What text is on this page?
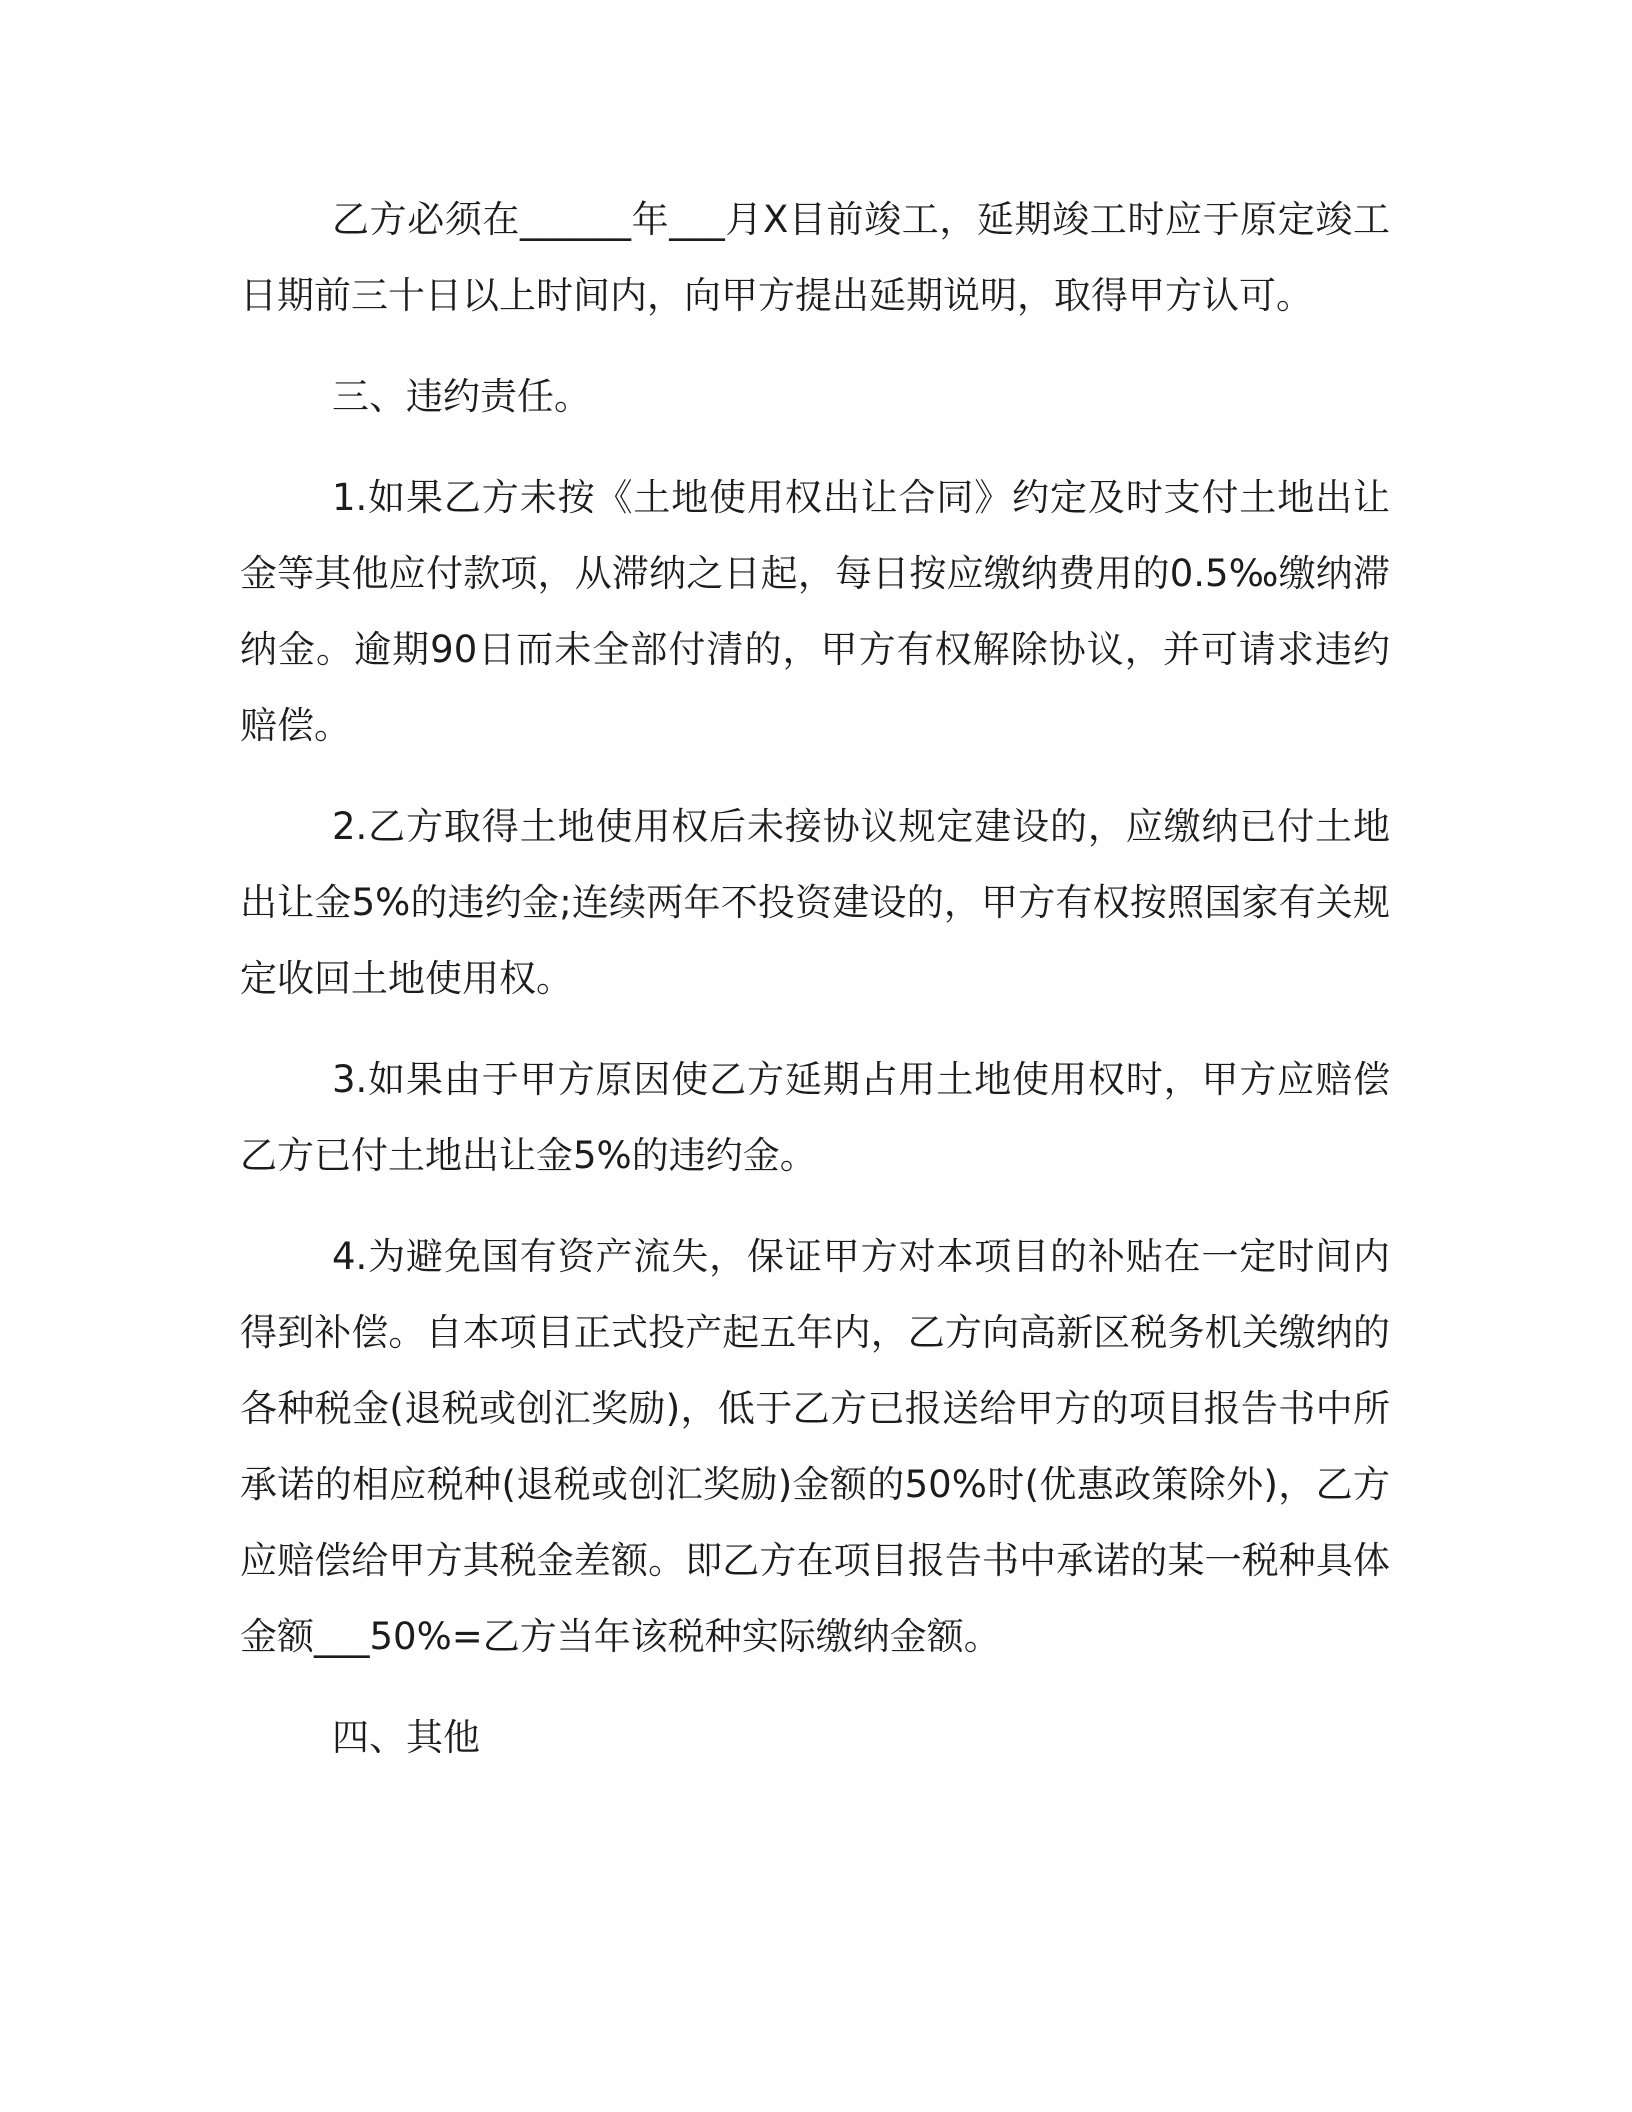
乙方必须在______年___月Ⅹ目前竣工，延期竣工时应于原定竣工日期前三十日以上时间内，向甲方提出延期说明，取得甲方认可。

三、违约责任。

1.如果乙方未按《土地使用权出让合同》约定及时支付土地出让金等其他应付款项，从滞纳之日起，每日按应缴纳费用的0.5‰缴纳滞纳金。逾期90日而未全部付清的，甲方有权解除协议，并可请求违约赔偿。

2.乙方取得土地使用权后未接协议规定建设的，应缴纳已付土地出让金5%的违约金;连续两年不投资建设的，甲方有权按照国家有关规定收回土地使用权。

3.如果由于甲方原因使乙方延期占用土地使用权时，甲方应赔偿乙方已付土地出让金5%的违约金。

4.为避免国有资产流失，保证甲方对本项目的补贴在一定时间内得到补偿。自本项目正式投产起五年内，乙方向高新区税务机关缴纳的各种税金(退税或创汇奖励)，低于乙方已报送给甲方的项目报告书中所承诺的相应税种(退税或创汇奖励)金额的50%时(优惠政策除外)，乙方应赔偿给甲方其税金差额。即乙方在项目报告书中承诺的某一税种具体金额___50%=乙方当年该税种实际缴纳金额。

四、其他
